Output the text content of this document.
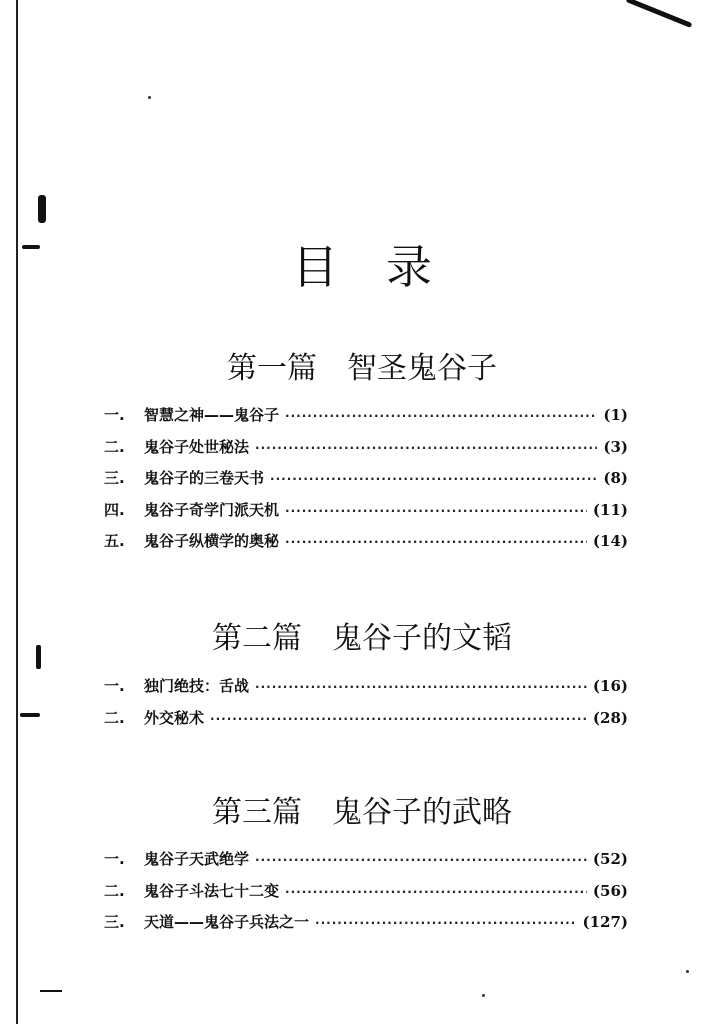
目录
第一篇 智圣鬼谷子
一.	智慧之神——鬼谷子 ·····	(1)
二.	鬼谷子处世秘法 ·····	(3)
三.	鬼谷子的三卷天书 ·····	(8)
四.	鬼谷子奇学门派天机 ·····	(11)
五.	鬼谷子纵横学的奥秘 ·····	(14)
第二篇 鬼谷子的文韬
一.	独门绝技：舌战 ·····	(16)
二.	外交秘术 ·····	(28)
第三篇 鬼谷子的武略
一.	鬼谷子天武绝学 ·····	(52)
二.	鬼谷子斗法七十二变 ·····	(56)
三.	天道——鬼谷子兵法之一 ·····	(127)
